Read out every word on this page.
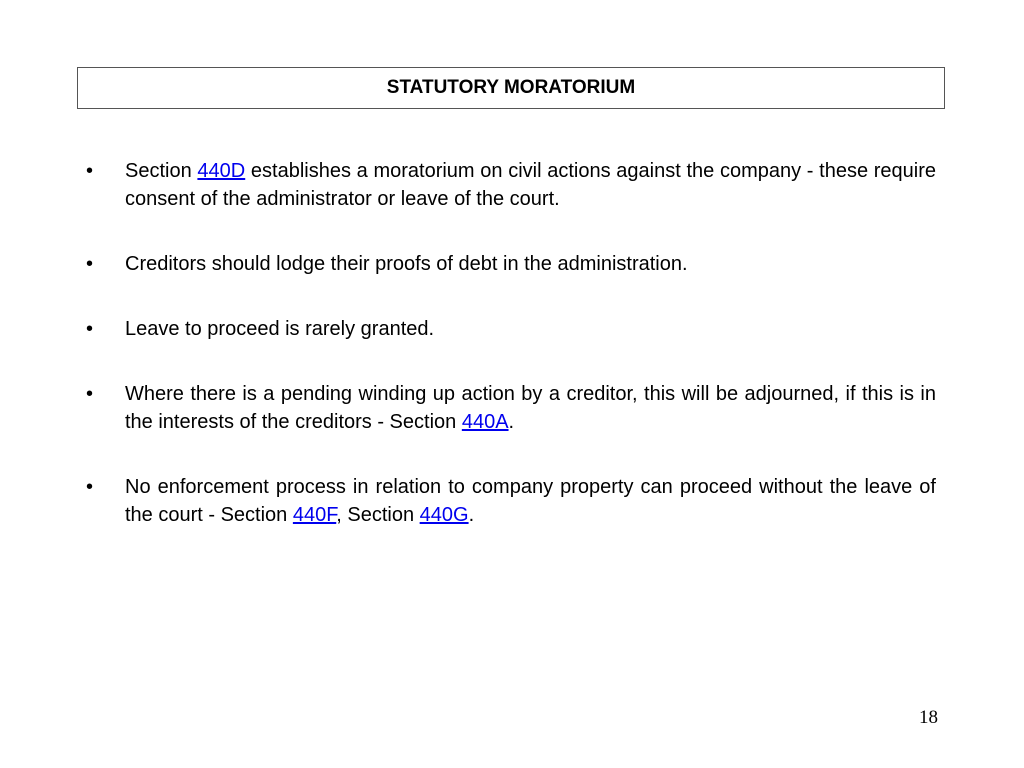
STATUTORY MORATORIUM
• Section 440D establishes a moratorium on civil actions against the company - these require consent of the administrator or leave of the court.
• Creditors should lodge their proofs of debt in the administration.
• Leave to proceed is rarely granted.
• Where there is a pending winding up action by a creditor, this will be adjourned, if this is in the interests of the creditors - Section 440A.
• No enforcement process in relation to company property can proceed without the leave of the court - Section 440F, Section 440G.
18
